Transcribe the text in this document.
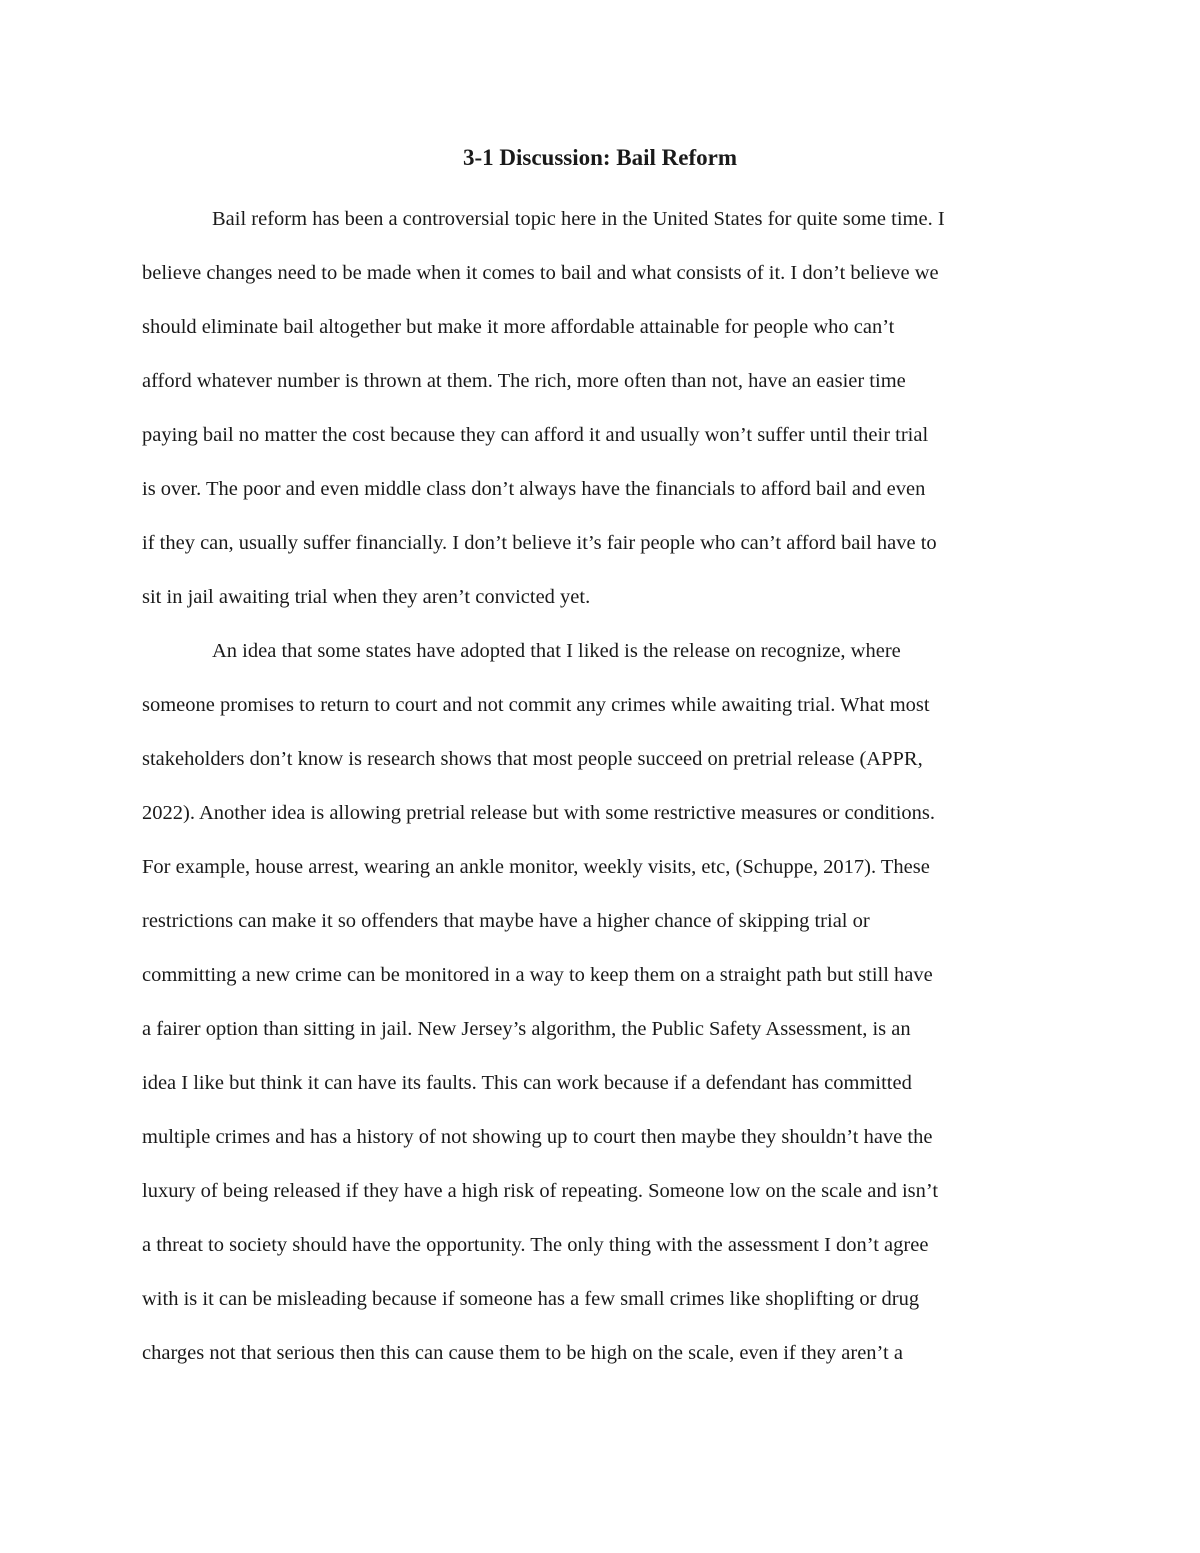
3-1 Discussion: Bail Reform

Bail reform has been a controversial topic here in the United States for quite some time. I

believe changes need to be made when it comes to bail and what consists of it. I don’t believe we

should eliminate bail altogether but make it more affordable attainable for people who can’t

afford whatever number is thrown at them. The rich, more often than not, have an easier time

paying bail no matter the cost because they can afford it and usually won’t suffer until their trial

is over. The poor and even middle class don’t always have the financials to afford bail and even

if they can, usually suffer financially. I don’t believe it’s fair people who can’t afford bail have to

sit in jail awaiting trial when they aren’t convicted yet.

An idea that some states have adopted that I liked is the release on recognize, where

someone promises to return to court and not commit any crimes while awaiting trial. What most

stakeholders don’t know is research shows that most people succeed on pretrial release (APPR,

2022). Another idea is allowing pretrial release but with some restrictive measures or conditions.

For example, house arrest, wearing an ankle monitor, weekly visits, etc, (Schuppe, 2017). These

restrictions can make it so offenders that maybe have a higher chance of skipping trial or

committing a new crime can be monitored in a way to keep them on a straight path but still have

a fairer option than sitting in jail. New Jersey’s algorithm, the Public Safety Assessment, is an

idea I like but think it can have its faults. This can work because if a defendant has committed

multiple crimes and has a history of not showing up to court then maybe they shouldn’t have the

luxury of being released if they have a high risk of repeating. Someone low on the scale and isn’t

a threat to society should have the opportunity. The only thing with the assessment I don’t agree

with is it can be misleading because if someone has a few small crimes like shoplifting or drug

charges not that serious then this can cause them to be high on the scale, even if they aren’t a
